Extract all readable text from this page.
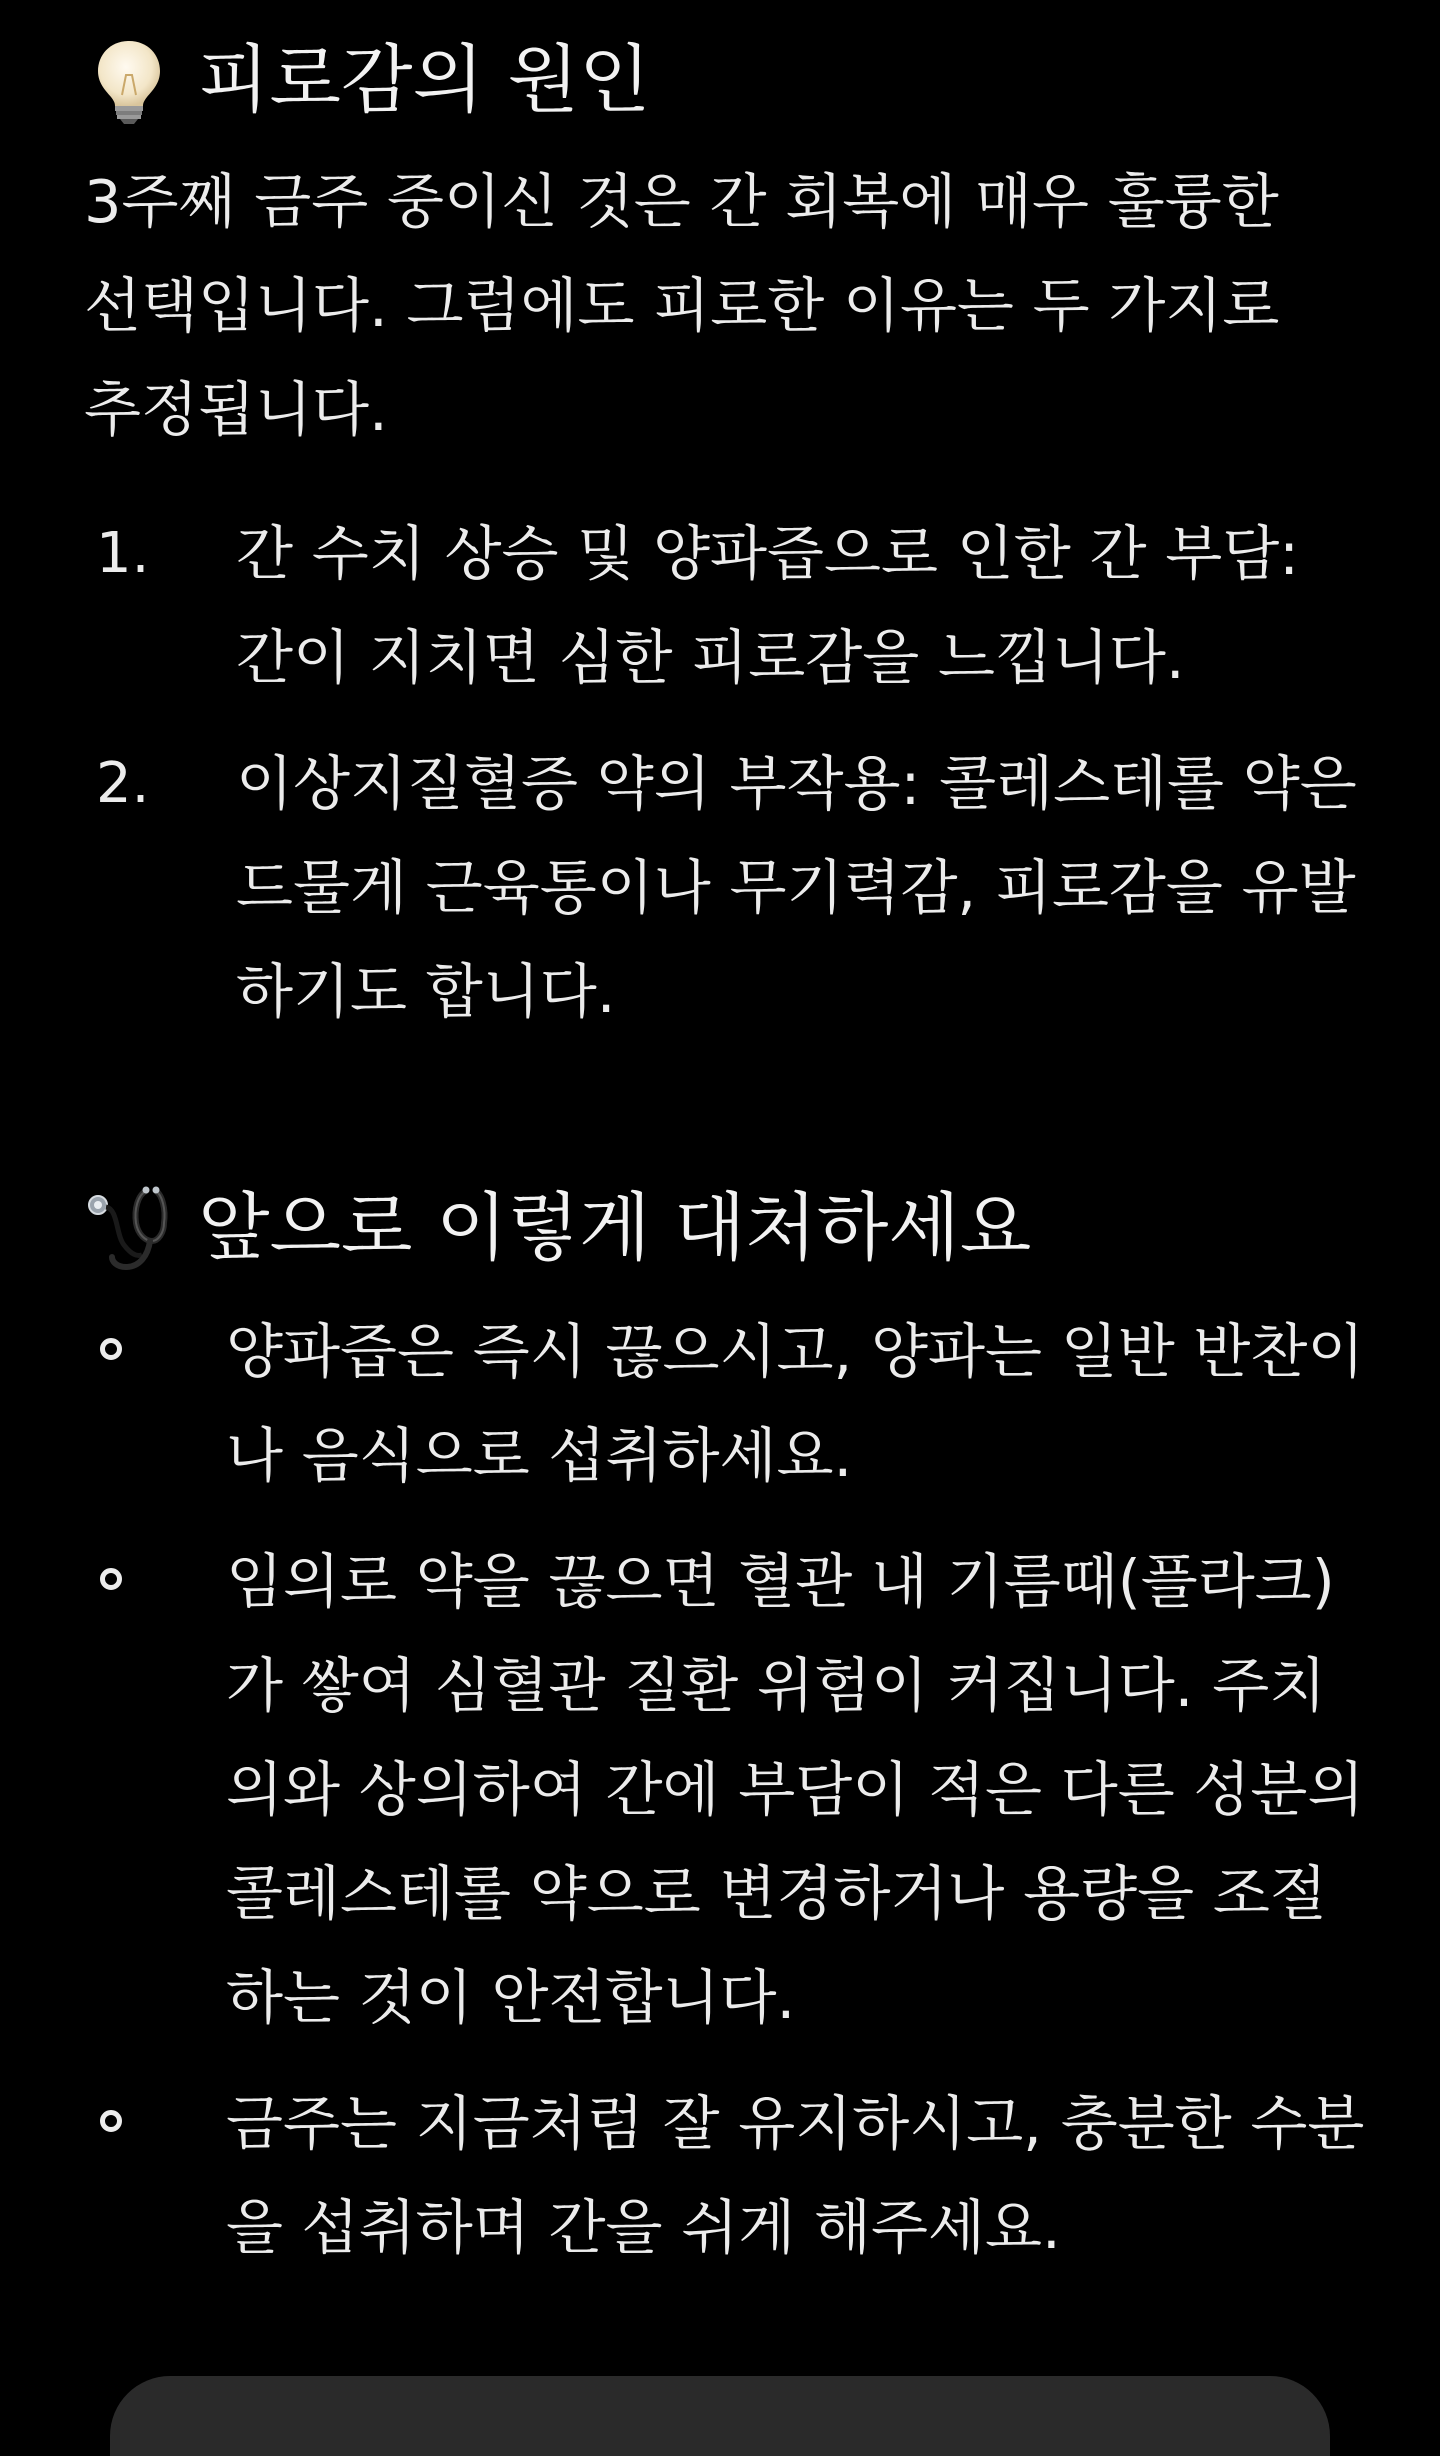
피로감의 원인

3주째 금주 중이신 것은 간 회복에 매우 훌륭한 선택입니다. 그럼에도 피로한 이유는 두 가지로 추정됩니다.

1. 간 수치 상승 및 양파즙으로 인한 간 부담: 간이 지치면 심한 피로감을 느낍니다.
2. 이상지질혈증 약의 부작용: 콜레스테롤 약은 드물게 근육통이나 무기력감, 피로감을 유발하기도 합니다.
앞으로 이렇게 대처하세요
양파즙은 즉시 끊으시고, 양파는 일반 반찬이나 음식으로 섭취하세요.
임의로 약을 끊으면 혈관 내 기름때(플라크)가 쌓여 심혈관 질환 위험이 커집니다. 주치의와 상의하여 간에 부담이 적은 다른 성분의 콜레스테롤 약으로 변경하거나 용량을 조절하는 것이 안전합니다.
금주는 지금처럼 잘 유지하시고, 충분한 수분을 섭취하며 간을 쉬게 해주세요.
